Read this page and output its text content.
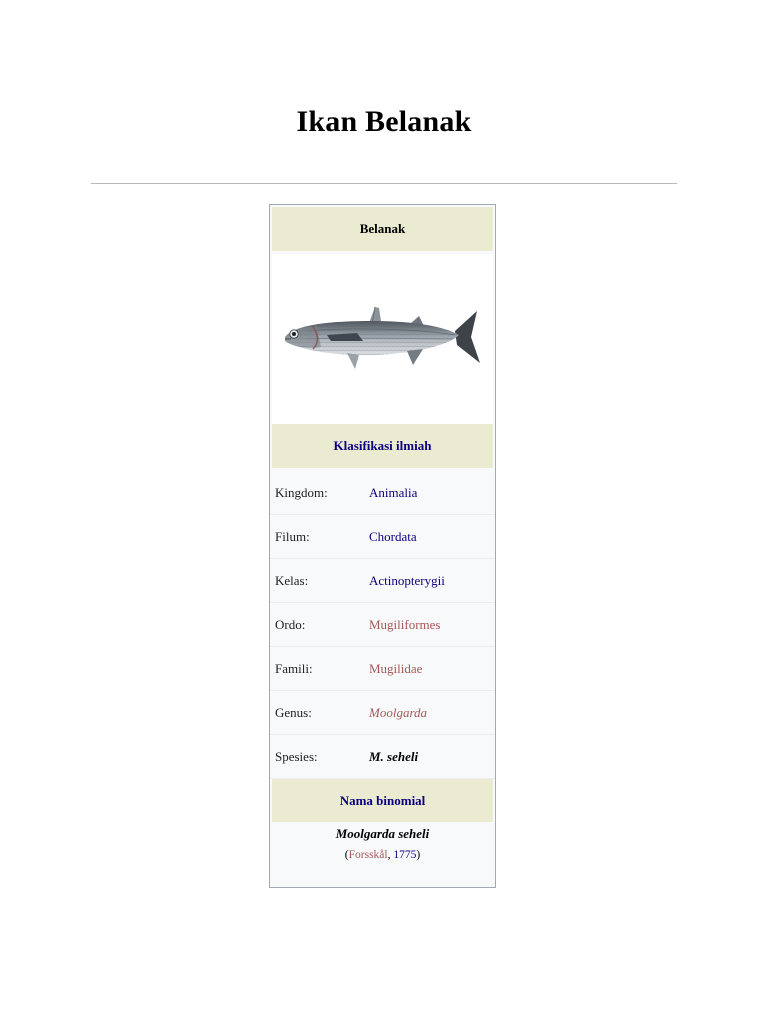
Ikan Belanak
Belanak
Klasifikasi ilmiah
Kingdom:	Animalia
Filum:	Chordata
Kelas:	Actinopterygii
Ordo:	Mugiliformes
Famili:	Mugilidae
Genus:	Moolgarda
Spesies:	M. seheli
Nama binomial
Moolgarda seheli
(Forsskål, 1775)
